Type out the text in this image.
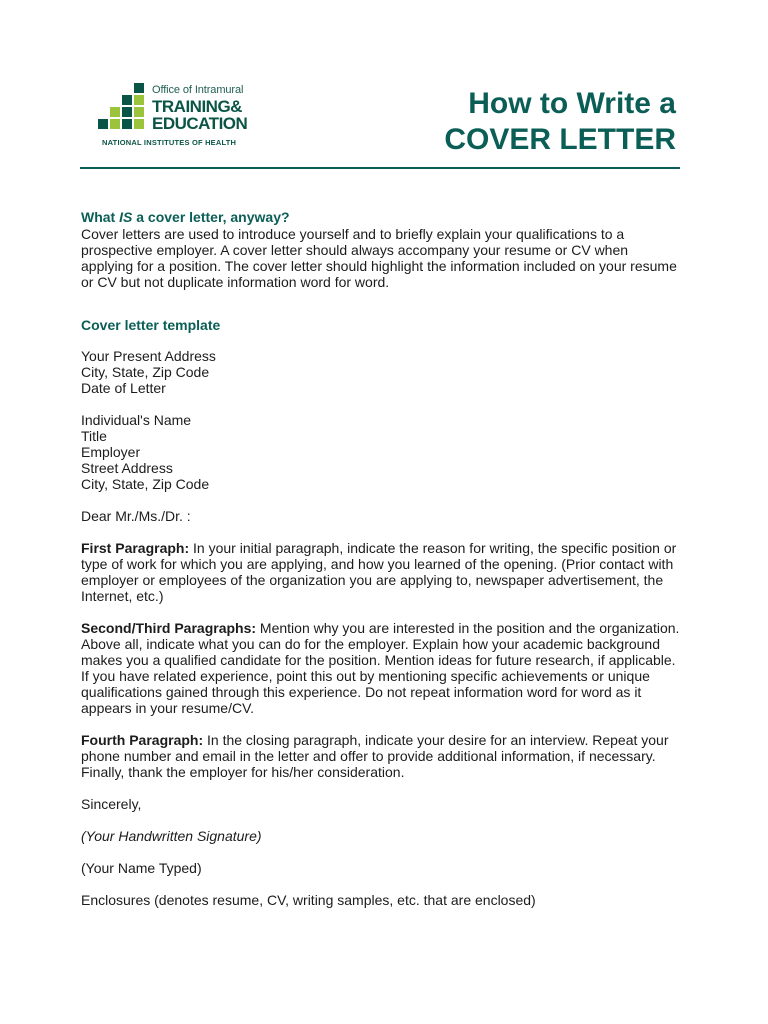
Office of Intramural
TRAINING&
EDUCATION
NATIONAL INSTITUTES OF HEALTH
How to Write a
COVER LETTER
What IS a cover letter, anyway?

Cover letters are used to introduce yourself and to briefly explain your qualifications to a prospective employer. A cover letter should always accompany your resume or CV when applying for a position. The cover letter should highlight the information included on your resume or CV but not duplicate information word for word.

Cover letter template

Your Present Address

City, State, Zip Code

Date of Letter

Individual's Name

Title

Employer

Street Address

City, State, Zip Code

Dear Mr./Ms./Dr. :

First Paragraph: In your initial paragraph, indicate the reason for writing, the specific position or type of work for which you are applying, and how you learned of the opening. (Prior contact with employer or employees of the organization you are applying to, newspaper advertisement, the Internet, etc.)

Second/Third Paragraphs: Mention why you are interested in the position and the organization. Above all, indicate what you can do for the employer. Explain how your academic background makes you a qualified candidate for the position. Mention ideas for future research, if applicable. If you have related experience, point this out by mentioning specific achievements or unique qualifications gained through this experience. Do not repeat information word for word as it appears in your resume/CV.

Fourth Paragraph: In the closing paragraph, indicate your desire for an interview. Repeat your phone number and email in the letter and offer to provide additional information, if necessary. Finally, thank the employer for his/her consideration.

Sincerely,

(Your Handwritten Signature)

(Your Name Typed)

Enclosures (denotes resume, CV, writing samples, etc. that are enclosed)
